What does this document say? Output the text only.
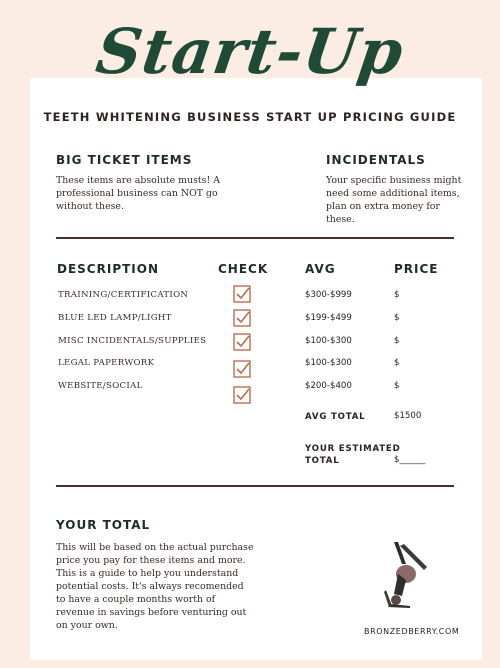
Start-Up
TEETH WHITENING BUSINESS START UP PRICING GUIDE
BIG TICKET ITEMS
These items are absolute musts! A professional business can NOT go without these.
INCIDENTALS
Your specific business might need some additional items, plan on extra money for these.
DESCRIPTION	CHECK	AVG	PRICE
TRAINING/CERTIFICATION	$300-$999	$
BLUE LED LAMP/LIGHT	$199-$499	$
MISC INCIDENTALS/SUPPLIES	$100-$300	$
LEGAL PAPERWORK	$100-$300	$
WEBSITE/SOCIAL	$200-$400	$
AVG TOTAL	$1500
YOUR ESTIMATED
TOTAL	$______
YOUR TOTAL
This will be based on the actual purchase price you pay for these items and more. This is a guide to help you understand potential costs. It's always recomended to have a couple months worth of revenue in savings before venturing out on your own.
BRONZEDBERRY.COM
